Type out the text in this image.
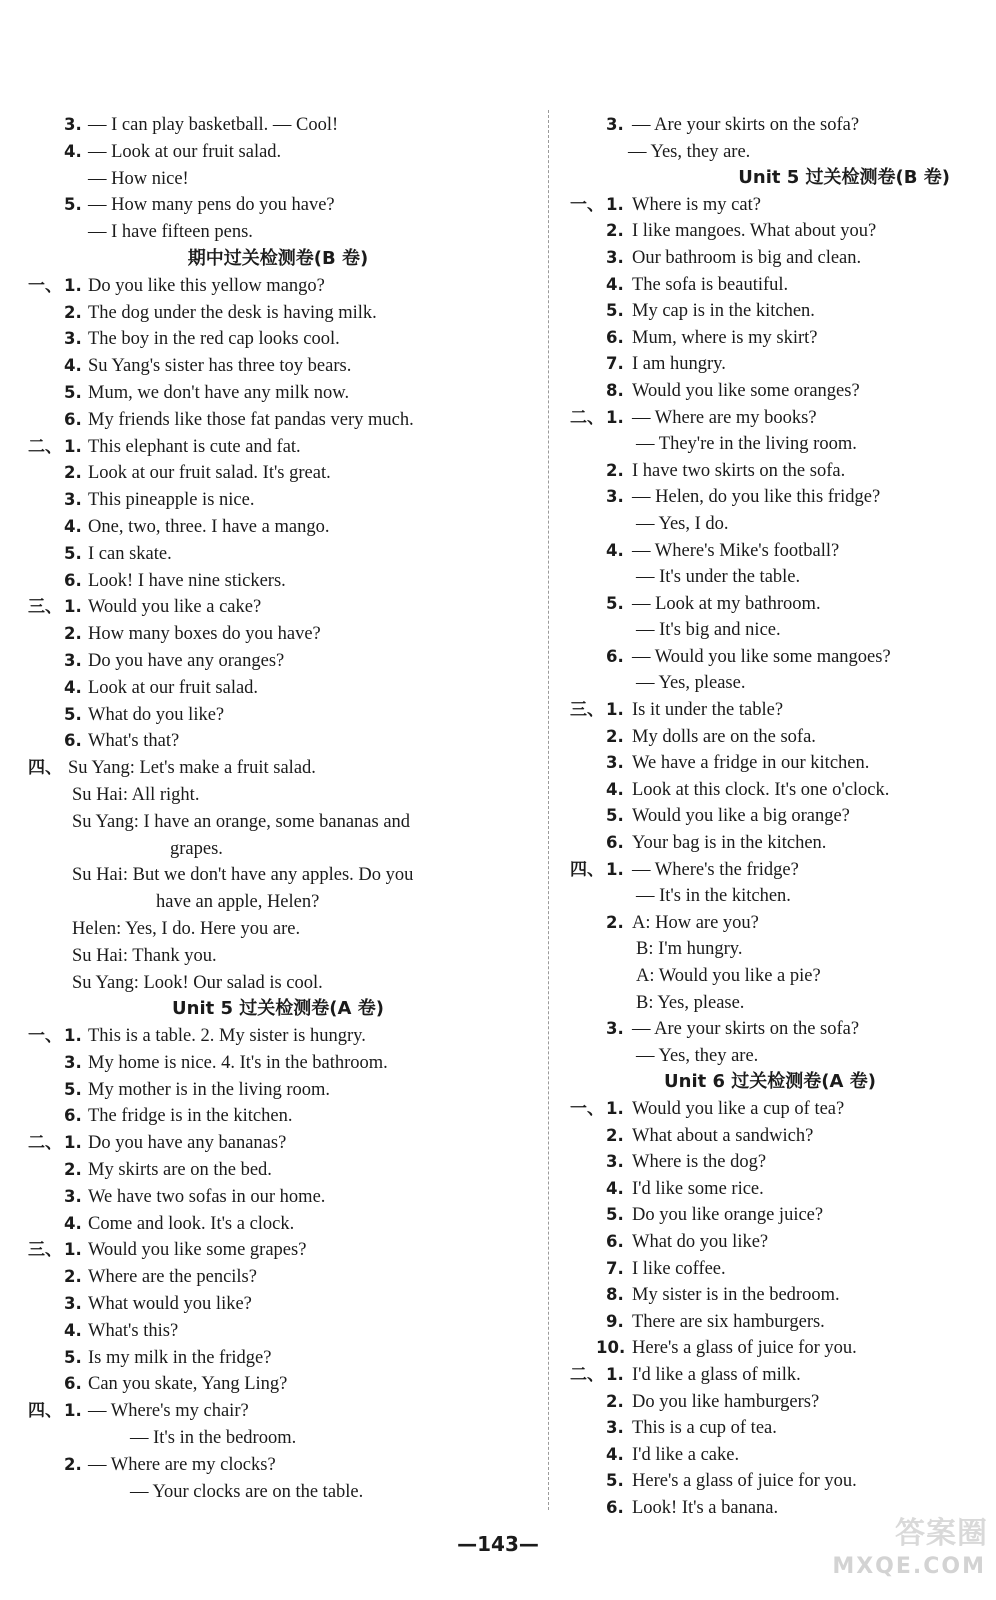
3. — I can play basketball. — Cool!
4. — Look at our fruit salad.
— How nice!
5. — How many pens do you have?
— I have fifteen pens.
期中过关检测卷(B 卷)
一、 1. Do you like this yellow mango?
2. The dog under the desk is having milk.
3. The boy in the red cap looks cool.
4. Su Yang's sister has three toy bears.
5. Mum, we don't have any milk now.
6. My friends like those fat pandas very much.
二、 1. This elephant is cute and fat.
2. Look at our fruit salad. It's great.
3. This pineapple is nice.
4. One, two, three. I have a mango.
5. I can skate.
6. Look! I have nine stickers.
三、 1. Would you like a cake?
2. How many boxes do you have?
3. Do you have any oranges?
4. Look at our fruit salad.
5. What do you like?
6. What's that?
四、 Su Yang: Let's make a fruit salad.
Su Hai: All right.
Su Yang: I have an orange, some bananas and
grapes.
Su Hai: But we don't have any apples. Do you
have an apple, Helen?
Helen: Yes, I do. Here you are.
Su Hai: Thank you.
Su Yang: Look! Our salad is cool.
Unit 5 过关检测卷(A 卷)
一、 1. This is a table. 2. My sister is hungry.
3. My home is nice. 4. It's in the bathroom.
5. My mother is in the living room.
6. The fridge is in the kitchen.
二、 1. Do you have any bananas?
2. My skirts are on the bed.
3. We have two sofas in our home.
4. Come and look. It's a clock.
三、 1. Would you like some grapes?
2. Where are the pencils?
3. What would you like?
4. What's this?
5. Is my milk in the fridge?
6. Can you skate, Yang Ling?
四、 1. — Where's my chair?
— It's in the bedroom.
2. — Where are my clocks?
— Your clocks are on the table.
3. — Are your skirts on the sofa?
— Yes, they are.
Unit 5 过关检测卷(B 卷)
一、 1. Where is my cat?
2. I like mangoes. What about you?
3. Our bathroom is big and clean.
4. The sofa is beautiful.
5. My cap is in the kitchen.
6. Mum, where is my skirt?
7. I am hungry.
8. Would you like some oranges?
二、 1. — Where are my books?
— They're in the living room.
2. I have two skirts on the sofa.
3. — Helen, do you like this fridge?
— Yes, I do.
4. — Where's Mike's football?
— It's under the table.
5. — Look at my bathroom.
— It's big and nice.
6. — Would you like some mangoes?
— Yes, please.
三、 1. Is it under the table?
2. My dolls are on the sofa.
3. We have a fridge in our kitchen.
4. Look at this clock. It's one o'clock.
5. Would you like a big orange?
6. Your bag is in the kitchen.
四、 1. — Where's the fridge?
— It's in the kitchen.
2. A: How are you?
B: I'm hungry.
A: Would you like a pie?
B: Yes, please.
3. — Are your skirts on the sofa?
— Yes, they are.
Unit 6 过关检测卷(A 卷)
一、 1. Would you like a cup of tea?
2. What about a sandwich?
3. Where is the dog?
4. I'd like some rice.
5. Do you like orange juice?
6. What do you like?
7. I like coffee.
8. My sister is in the bedroom.
9. There are six hamburgers.
10. Here's a glass of juice for you.
二、 1. I'd like a glass of milk.
2. Do you like hamburgers?
3. This is a cup of tea.
4. I'd like a cake.
5. Here's a glass of juice for you.
6. Look! It's a banana.
—143—	答案圈
MXQE.COM
